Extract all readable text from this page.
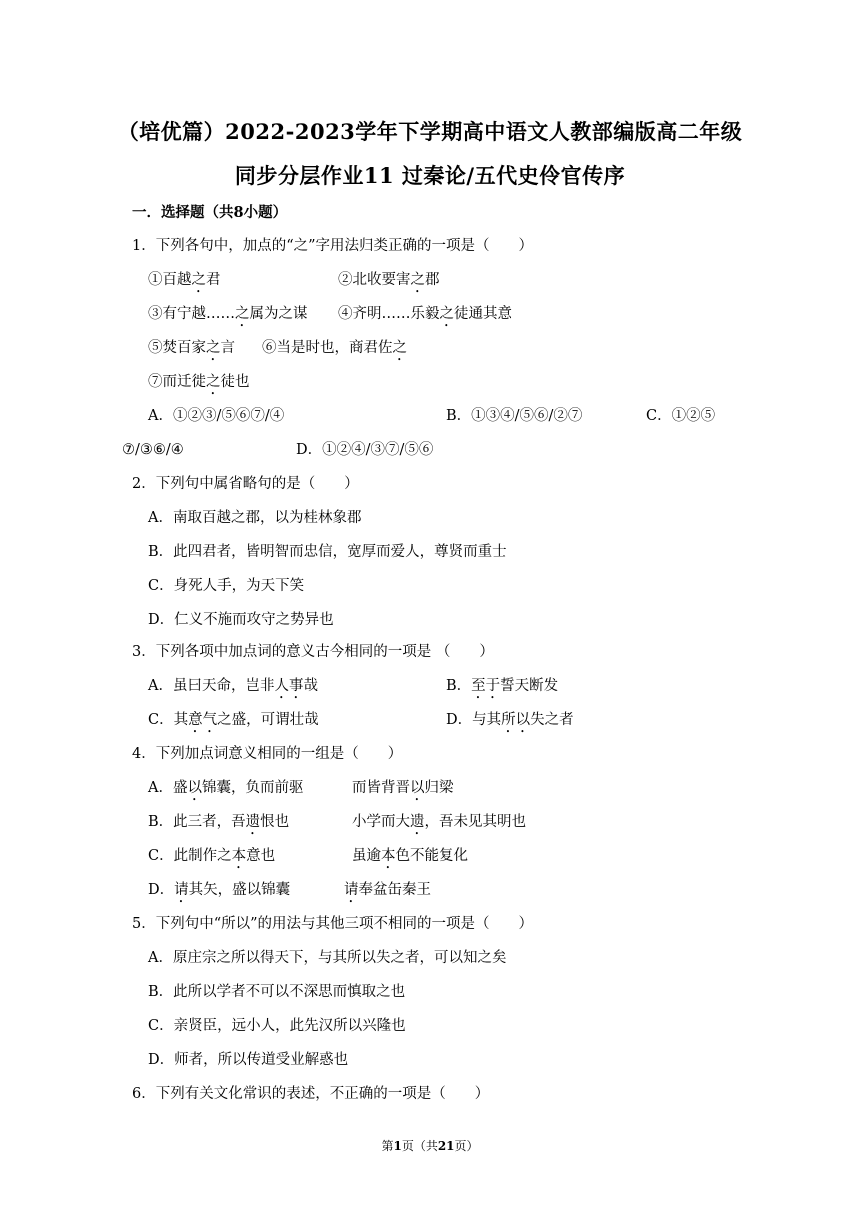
（培优篇）2022-2023学年下学期高中语文人教部编版高二年级
同步分层作业11 过秦论/五代史伶官传序
一．选择题（共8小题）
1．下列各句中，加点的“之”字用法归类正确的一项是（　　）
①百越之君	②北收要害之郡
③有宁越……之属为之谋 ④齐明……乐毅之徒通其意
⑤焚百家之言 ⑥当是时也，商君佐之
⑦而迁徙之徒也
A．①②③/⑤⑥⑦/④	B．①③④/⑤⑥/②⑦	C．①②⑤
⑦/③⑥/④	D．①②④/③⑦/⑤⑥
2．下列句中属省略句的是（　　）
A．南取百越之郡，以为桂林象郡
B．此四君者，皆明智而忠信，宽厚而爱人，尊贤而重士
C．身死人手，为天下笑
D．仁义不施而攻守之势异也
3．下列各项中加点词的意义古今相同的一项是 （　　）
A．虽曰天命，岂非人事哉	B．至于誓天断发
C．其意气之盛，可谓壮哉	D．与其所以失之者
4．下列加点词意义相同的一组是（　　）
A．盛以锦囊，负而前驱	而皆背晋以归梁
B．此三者，吾遗恨也	小学而大遗，吾未见其明也
C．此制作之本意也	虽逾本色不能复化
D．请其矢，盛以锦囊	请奉盆缶秦王
5．下列句中“所以”的用法与其他三项不相同的一项是（　　）
A．原庄宗之所以得天下，与其所以失之者，可以知之矣
B．此所以学者不可以不深思而慎取之也
C．亲贤臣，远小人，此先汉所以兴隆也
D．师者，所以传道受业解惑也
6．下列有关文化常识的表述，不正确的一项是（　　）
第1页（共21页）
